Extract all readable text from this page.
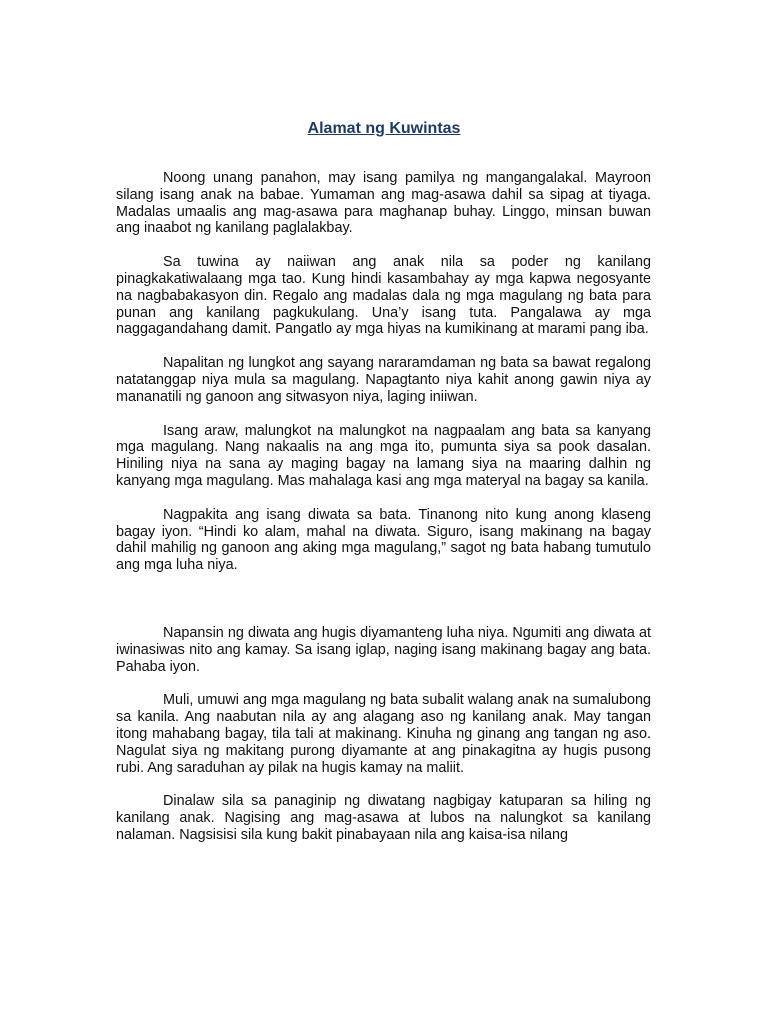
Alamat ng Kuwintas

Noong unang panahon, may isang pamilya ng mangangalakal. Mayroon silang isang anak na babae. Yumaman ang mag-asawa dahil sa sipag at tiyaga. Madalas umaalis ang mag-asawa para maghanap buhay. Linggo, minsan buwan ang inaabot ng kanilang paglalakbay.

Sa tuwina ay naiiwan ang anak nila sa poder ng kanilang pinagkakatiwalaang mga tao. Kung hindi kasambahay ay mga kapwa negosyante na nagbabakasyon din. Regalo ang madalas dala ng mga magulang ng bata para punan ang kanilang pagkukulang. Una’y isang tuta. Pangalawa ay mga naggagandahang damit. Pangatlo ay mga hiyas na kumikinang at marami pang iba.

Napalitan ng lungkot ang sayang nararamdaman ng bata sa bawat regalong natatanggap niya mula sa magulang. Napagtanto niya kahit anong gawin niya ay mananatili ng ganoon ang sitwasyon niya, laging iniiwan.

Isang araw, malungkot na malungkot na nagpaalam ang bata sa kanyang mga magulang. Nang nakaalis na ang mga ito, pumunta siya sa pook dasalan. Hiniling niya na sana ay maging bagay na lamang siya na maaring dalhin ng kanyang mga magulang. Mas mahalaga kasi ang mga materyal na bagay sa kanila.

Nagpakita ang isang diwata sa bata. Tinanong nito kung anong klaseng bagay iyon. “Hindi ko alam, mahal na diwata. Siguro, isang makinang na bagay dahil mahilig ng ganoon ang aking mga magulang,” sagot ng bata habang tumutulo ang mga luha niya.

Napansin ng diwata ang hugis diyamanteng luha niya. Ngumiti ang diwata at iwinasiwas nito ang kamay. Sa isang iglap, naging isang makinang bagay ang bata. Pahaba iyon.

Muli, umuwi ang mga magulang ng bata subalit walang anak na sumalubong sa kanila. Ang naabutan nila ay ang alagang aso ng kanilang anak. May tangan itong mahabang bagay, tila tali at makinang. Kinuha ng ginang ang tangan ng aso. Nagulat siya ng makitang purong diyamante at ang pinakagitna ay hugis pusong rubi. Ang saraduhan ay pilak na hugis kamay na maliit.

Dinalaw sila sa panaginip ng diwatang nagbigay katuparan sa hiling ng kanilang anak. Nagising ang mag-asawa at lubos na nalungkot sa kanilang nalaman. Nagsisisi sila kung bakit pinabayaan nila ang kaisa-isa nilang
